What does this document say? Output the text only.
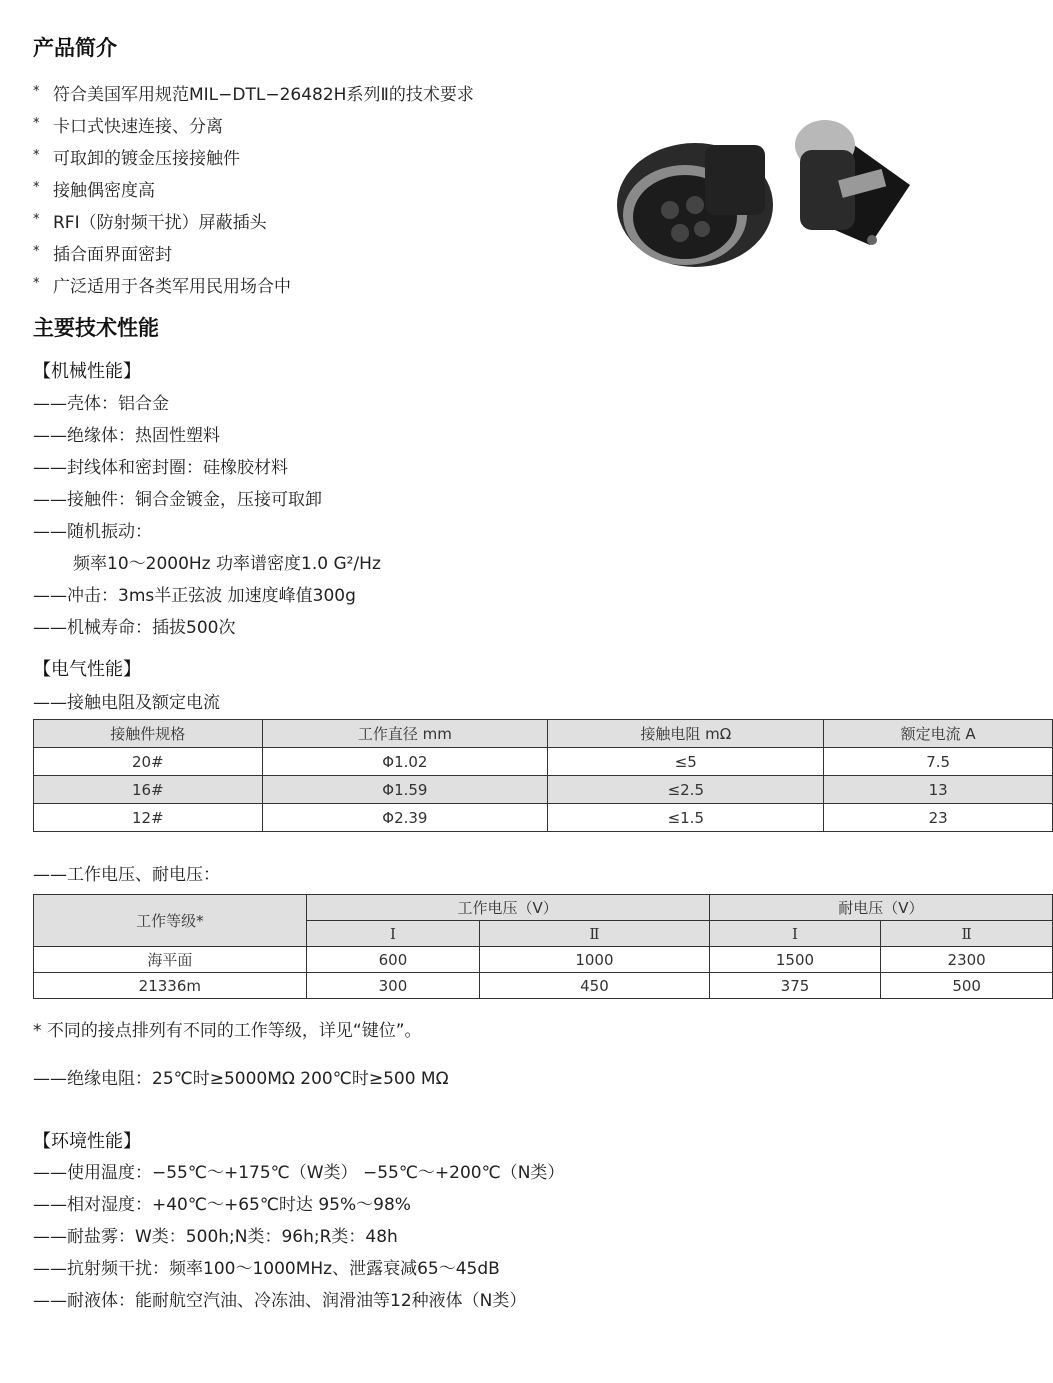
产品简介
* 符合美国军用规范MIL−DTL−26482H系列Ⅱ的技术要求
* 卡口式快速连接、分离
* 可取卸的镀金压接接触件
* 接触偶密度高
* RFI（防射频干扰）屏蔽插头
* 插合面界面密封
* 广泛适用于各类军用民用场合中
主要技术性能
【机械性能】
——壳体：铝合金
——绝缘体：热固性塑料
——封线体和密封圈：硅橡胶材料
——接触件：铜合金镀金，压接可取卸
——随机振动：
频率10～2000Hz 功率谱密度1.0 G²/Hz
——冲击：3ms半正弦波 加速度峰值300g
——机械寿命：插拔500次
【电气性能】
——接触电阻及额定电流
接触件规格	工作直径 mm	接触电阻 mΩ	额定电流 A
20#	Φ1.02	≤5	7.5
16#	Φ1.59	≤2.5	13
12#	Φ2.39	≤1.5	23
——工作电压、耐电压：
工作等级*	工作电压（V）		耐电压（V）	
	Ⅰ	Ⅱ	Ⅰ	Ⅱ
海平面	600	1000	1500	2300
21336m	300	450	375	500
* 不同的接点排列有不同的工作等级，详见“键位”。
——绝缘电阻：25℃时≥5000MΩ 200℃时≥500 MΩ
【环境性能】
——使用温度：−55℃～+175℃（W类） −55℃～+200℃（N类）
——相对湿度：+40℃～+65℃时达 95%～98%
——耐盐雾：W类：500h;N类：96h;R类：48h
——抗射频干扰：频率100～1000MHz、泄露衰减65～45dB
——耐液体：能耐航空汽油、冷冻油、润滑油等12种液体（N类）
